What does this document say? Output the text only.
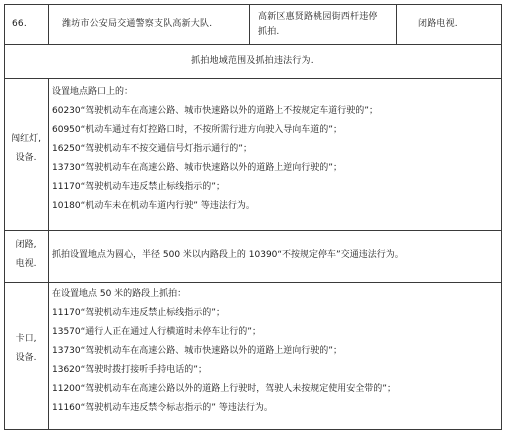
66.	潍坊市公安局交通警察支队高新大队.
高新区惠贤路桃园街西杆违停
抓拍.
闭路电视.
抓拍地域范围及抓拍违法行为.
闯红灯,
设备.
设置地点路口上的：
60230“驾驶机动车在高速公路、城市快速路以外的道路上不按规定车道行驶的”；
60950“机动车通过有灯控路口时，不按所需行进方向驶入导向车道的”；
16250“驾驶机动车不按交通信号灯指示通行的”；
13730“驾驶机动车在高速公路、城市快速路以外的道路上逆向行驶的”；
11170“驾驶机动车违反禁止标线指示的”；
10180“机动车未在机动车道内行驶” 等违法行为。
闭路,
电视.
抓拍设置地点为圆心，半径 500 米以内路段上的 10390“不按规定停车”交通违法行为。
卡口,
设备.
在设置地点 50 米的路段上抓拍：
11170“驾驶机动车违反禁止标线指示的”；
13570“通行人正在通过人行横道时未停车让行的”；
13730“驾驶机动车在高速公路、城市快速路以外的道路上逆向行驶的”；
13620“驾驶时拨打接听手持电话的”；
11200“驾驶机动车在高速公路以外的道路上行驶时，驾驶人未按规定使用安全带的”；
11160“驾驶机动车违反禁令标志指示的” 等违法行为。
